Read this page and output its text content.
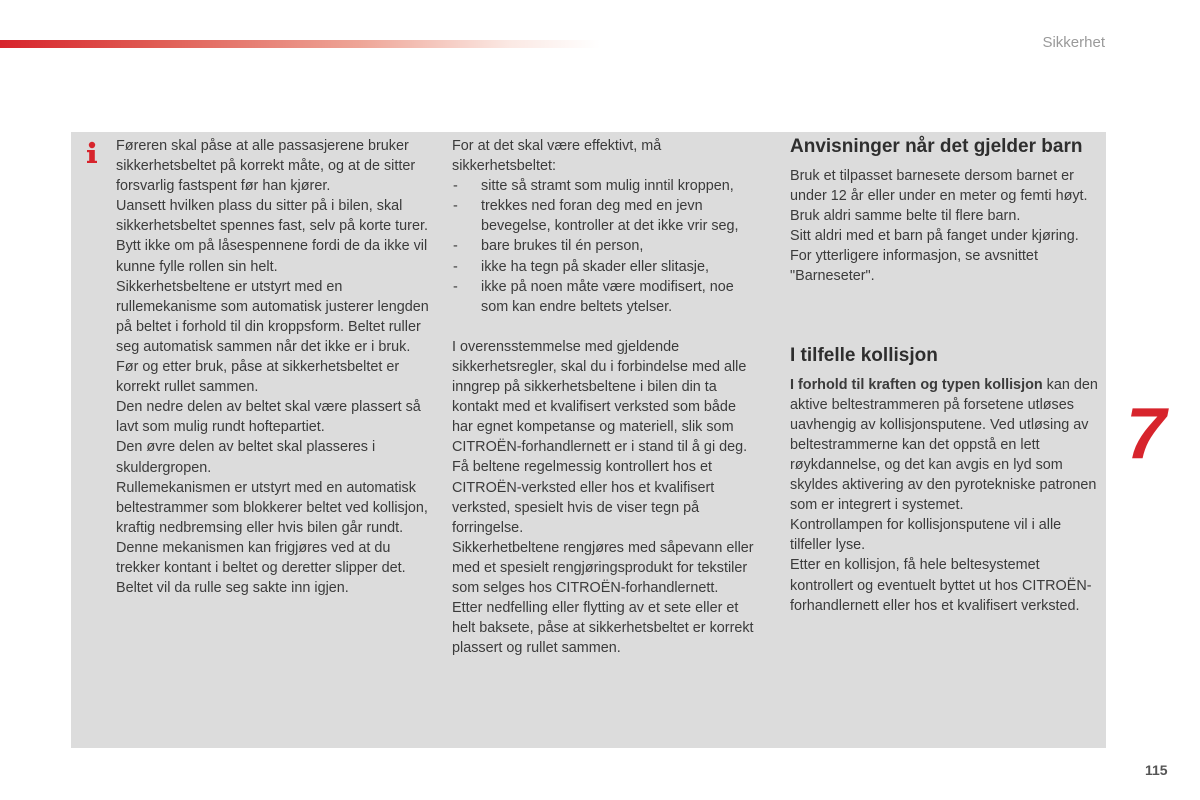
Sikkerhet

Føreren skal påse at alle passasjerene bruker sikkerhetsbeltet på korrekt måte, og at de sitter forsvarlig fastspent før han kjører.

Uansett hvilken plass du sitter på i bilen, skal sikkerhetsbeltet spennes fast, selv på korte turer.

Bytt ikke om på låsespennene fordi de da ikke vil kunne fylle rollen sin helt.

Sikkerhetsbeltene er utstyrt med en rullemekanisme som automatisk justerer lengden på beltet i forhold til din kroppsform. Beltet ruller seg automatisk sammen når det ikke er i bruk.

Før og etter bruk, påse at sikkerhetsbeltet er korrekt rullet sammen.

Den nedre delen av beltet skal være plassert så lavt som mulig rundt hoftepartiet.

Den øvre delen av beltet skal plasseres i skuldergropen.

Rullemekanismen er utstyrt med en automatisk beltestrammer som blokkerer beltet ved kollisjon, kraftig nedbremsing eller hvis bilen går rundt. Denne mekanismen kan frigjøres ved at du trekker kontant i beltet og deretter slipper det. Beltet vil da rulle seg sakte inn igjen.

For at det skal være effektivt, må sikkerhetsbeltet:

- sitte så stramt som mulig inntil kroppen,
- trekkes ned foran deg med en jevn bevegelse, kontroller at det ikke vrir seg,
- bare brukes til én person,
- ikke ha tegn på skader eller slitasje,
- ikke på noen måte være modifisert, noe som kan endre beltets ytelser.

I overensstemmelse med gjeldende sikkerhetsregler, skal du i forbindelse med alle inngrep på sikkerhetsbeltene i bilen din ta kontakt med et kvalifisert verksted som både har egnet kompetanse og materiell, slik som CITROËN-forhandlernett er i stand til å gi deg.

Få beltene regelmessig kontrollert hos et CITROËN-verksted eller hos et kvalifisert verksted, spesielt hvis de viser tegn på forringelse.

Sikkerhetbeltene rengjøres med såpevann eller med et spesielt rengjøringsprodukt for tekstiler som selges hos CITROËN-forhandlernett.

Etter nedfelling eller flytting av et sete eller et helt baksete, påse at sikkerhetsbeltet er korrekt plassert og rullet sammen.

Anvisninger når det gjelder barn

Bruk et tilpasset barnesete dersom barnet er under 12 år eller under en meter og femti høyt.

Bruk aldri samme belte til flere barn.

Sitt aldri med et barn på fanget under kjøring.

For ytterligere informasjon, se avsnittet "Barneseter".

I tilfelle kollisjon

I forhold til kraften og typen kollisjon kan den aktive beltestrammeren på forsetene utløses uavhengig av kollisjonsputene. Ved utløsing av beltestrammerne kan det oppstå en lett røykdannelse, og det kan avgis en lyd som skyldes aktivering av den pyrotekniske patronen som er integrert i systemet.

Kontrollampen for kollisjonsputene vil i alle tilfeller lyse.

Etter en kollisjon, få hele beltesystemet kontrollert og eventuelt byttet ut hos CITROËN-forhandlernett eller hos et kvalifisert verksted.

7
115
